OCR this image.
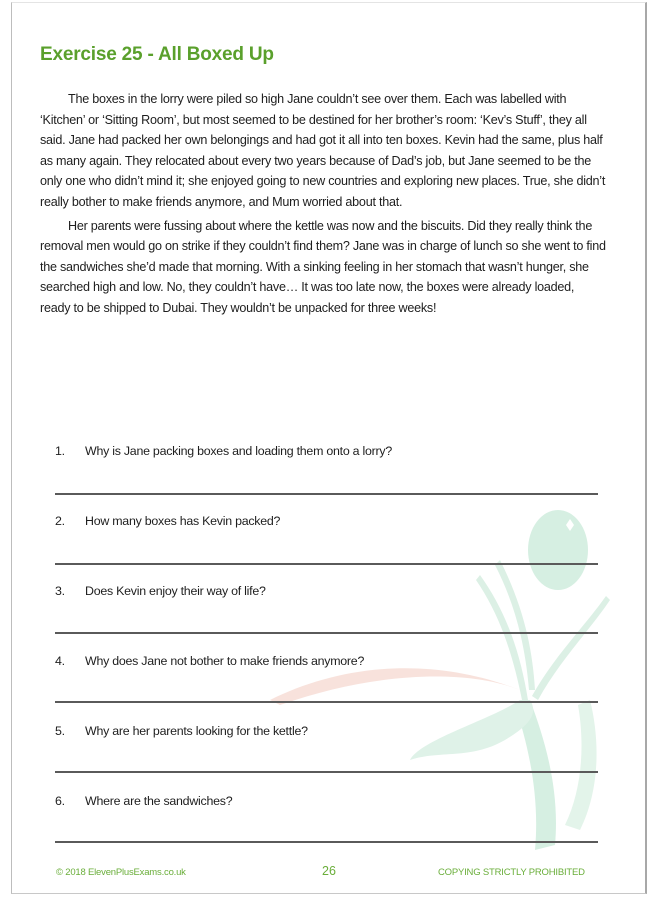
Exercise 25 - All Boxed Up

The boxes in the lorry were piled so high Jane couldn’t see over them. Each was labelled with ‘Kitchen’ or ‘Sitting Room’, but most seemed to be destined for her brother’s room: ‘Kev’s Stuff’, they all said. Jane had packed her own belongings and had got it all into ten boxes. Kevin had the same, plus half as many again. They relocated about every two years because of Dad’s job, but Jane seemed to be the only one who didn’t mind it; she enjoyed going to new countries and exploring new places. True, she didn’t really bother to make friends anymore, and Mum worried about that.

Her parents were fussing about where the kettle was now and the biscuits. Did they really think the removal men would go on strike if they couldn’t find them? Jane was in charge of lunch so she went to find the sandwiches she’d made that morning. With a sinking feeling in her stomach that wasn’t hunger, she searched high and low. No, they couldn’t have… It was too late now, the boxes were already loaded, ready to be shipped to Dubai. They wouldn’t be unpacked for three weeks!

1.	Why is Jane packing boxes and loading them onto a lorry?
2.	How many boxes has Kevin packed?
3.	Does Kevin enjoy their way of life?
4.	Why does Jane not bother to make friends anymore?
5.	Why are her parents looking for the kettle?
6.	Where are the sandwiches?
© 2018 ElevenPlusExams.co.uk	26	COPYING STRICTLY PROHIBITED
